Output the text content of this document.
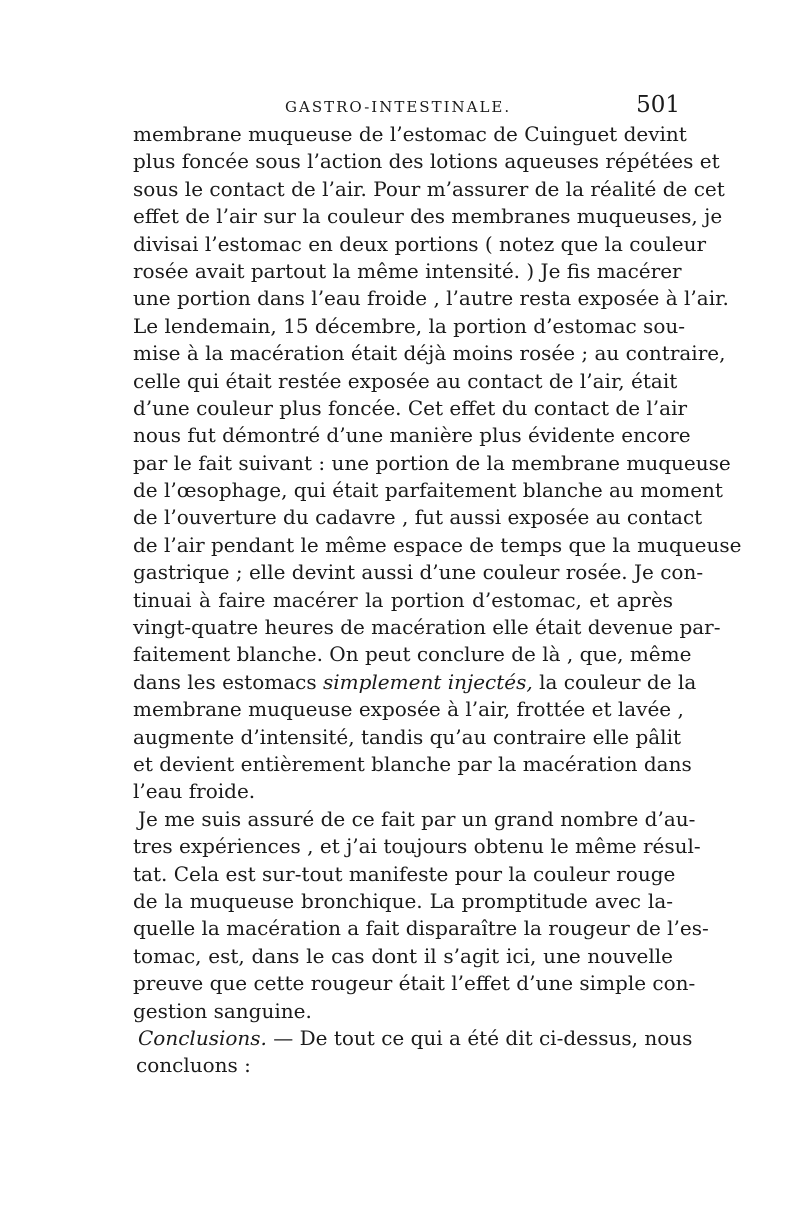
GASTRO-INTESTINALE.	501
membrane muqueuse de l’estomac de Cuinguet devint
plus foncée sous l’action des lotions aqueuses répétées et
sous le contact de l’air. Pour m’assurer de la réalité de cet
effet de l’air sur la couleur des membranes muqueuses, je
divisai l’estomac en deux portions ( notez que la couleur
rosée avait partout la même intensité. ) Je fis macérer
une portion dans l’eau froide , l’autre resta exposée à l’air.
Le lendemain, 15 décembre, la portion d’estomac sou-
mise à la macération était déjà moins rosée ; au contraire,
celle qui était restée exposée au contact de l’air, était
d’une couleur plus foncée. Cet effet du contact de l’air
nous fut démontré d’une manière plus évidente encore
par le fait suivant : une portion de la membrane muqueuse
de l’œsophage, qui était parfaitement blanche au moment
de l’ouverture du cadavre , fut aussi exposée au contact
de l’air pendant le même espace de temps que la muqueuse
gastrique ; elle devint aussi d’une couleur rosée. Je con-
tinuai à faire macérer la portion d’estomac, et après
vingt-quatre heures de macération elle était devenue par-
faitement blanche. On peut conclure de là , que, même
dans les estomacs simplement injectés, la couleur de la
membrane muqueuse exposée à l’air, frottée et lavée ,
augmente d’intensité, tandis qu’au contraire elle pâlit
et devient entièrement blanche par la macération dans
l’eau froide.
Je me suis assuré de ce fait par un grand nombre d’au-
tres expériences , et j’ai toujours obtenu le même résul-
tat. Cela est sur-tout manifeste pour la couleur rouge
de la muqueuse bronchique. La promptitude avec la-
quelle la macération a fait disparaître la rougeur de l’es-
tomac, est, dans le cas dont il s’agit ici, une nouvelle
preuve que cette rougeur était l’effet d’une simple con-
gestion sanguine.
Conclusions. — De tout ce qui a été dit ci-dessus, nous
concluons :
